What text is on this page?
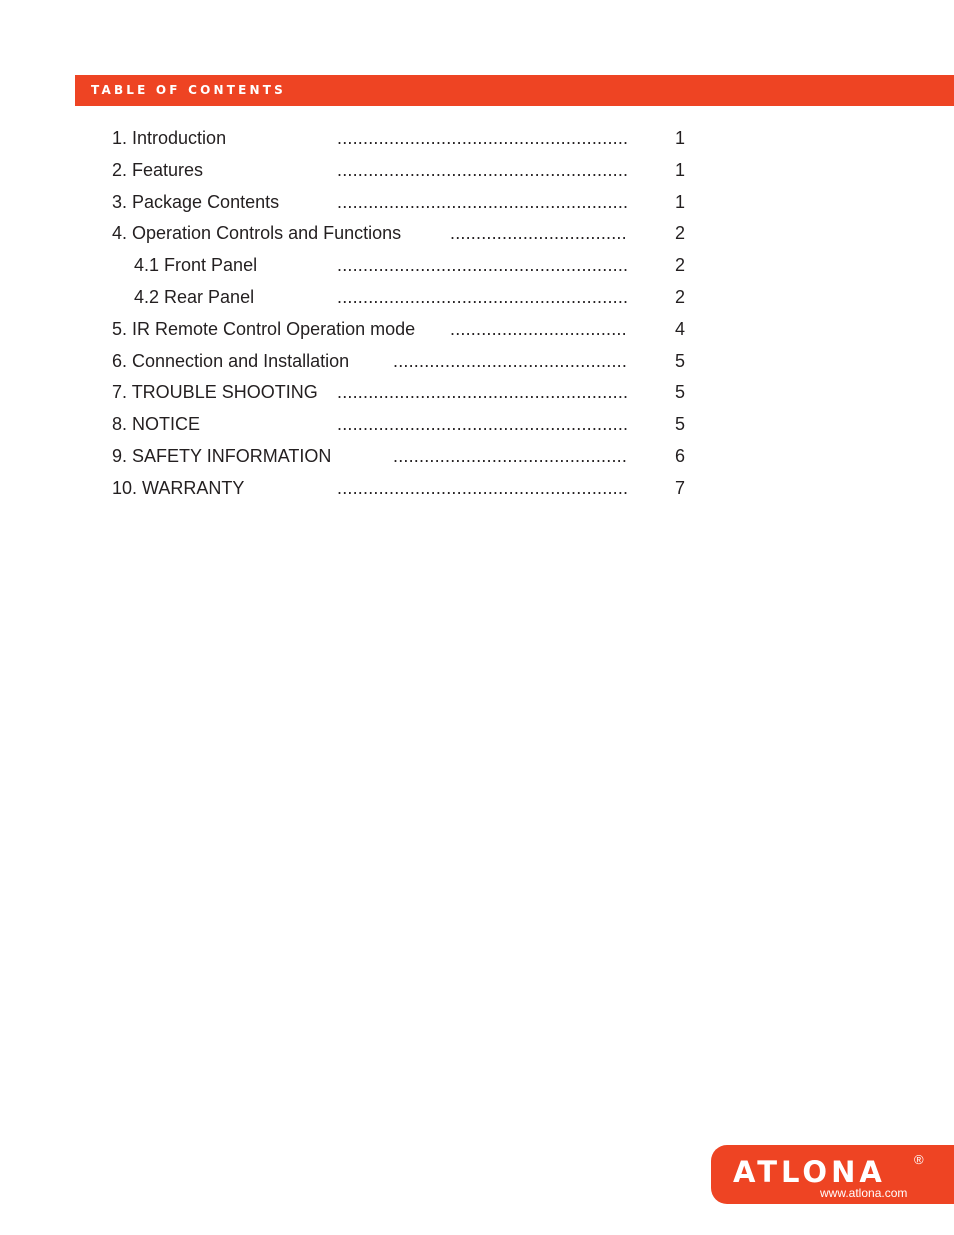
TABLE OF CONTENTS
1. Introduction	........................................................	1
2. Features	........................................................	1
3. Package Contents	........................................................	1
4. Operation Controls and Functions	..................................	2
4.1 Front Panel	........................................................	2
4.2 Rear Panel	........................................................	2
5. IR Remote Control Operation mode ..................................	4
6. Connection and Installation .............................................	5
7. TROUBLE SHOOTING ........................................................	5
8. NOTICE	........................................................	5
9. SAFETY INFORMATION	.............................................	6
10. WARRANTY	........................................................	7
ATLONA ®
www.atlona.com
